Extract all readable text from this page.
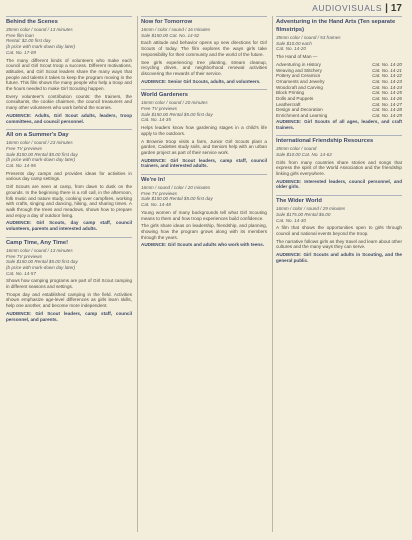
AUDIOVISUALS | 17
Behind the Scenes
35mm color / sound / 13 minutes
Free film loan
Rental: $2.00 first day
(b price with mark-down day later)
Cat. No. 17-09
The many different kinds of volunteers who make each council and Girl Scout troop a success. Different motivations, attitudes, and Girl Scout leaders share the many ways that people and talents it takes to keep the program moving in the future. This film shows the many people who help a troop and the hours needed to make Girl Scouting happen.
Every volunteer's contribution counts: the trainers, the consultants, the cookie chairmen, the council treasurers and many other volunteers who work behind the scenes.
AUDIENCE: Adults, Girl Scout adults, leaders, troop committees, and council personnel.
All on a Summer's Day
16mm color / sound / 23 minutes
Free TV previews
Sale $150.00 Rental $5.00 first day
(b price with mark-down day later)
Cat. No. 14-96
Presents day camps and provides ideas for activities in various day camp settings.
Girl Scouts are seen at camp, from dawn to dusk on the grounds. In the beginning there is a roll call, in the afternoon, folk music and nature study, cooking over campfires, working with crafts, singing and dancing, hiking, and sharing times. A walk through the trees and meadows, shows how to prepare and enjoy a day of outdoor living.
AUDIENCE: Girl Scouts, day camp staff, council volunteers, parents and interested adults.
Camp Time, Any Time!
16mm color / sound / 13 minutes
Free TV previews
Sale $150.00 Rental $5.00 first day
(b price with mark-down day later)
Cat. No. 14-57
Shows how camping programs are part of Girl Scout camping in different seasons and settings.
Troops day and established camping in the field. Activities shown emphasize age-level differences as girls learn skills, help one another, and become more independent.
AUDIENCE: Girl Scout leaders, camp staff, council personnel, and parents.
Now for Tomorrow
16mm / color / sound / 16 minutes
Sale $150.00 Cat. No. 14-52
Each attitude and behavior opens up new directions for Girl Scouts of today. The film explores the ways girls take responsibility for their community and the world of the future.
See girls experiencing tree planting, stream cleanup, recycling drives, and neighborhood renewal activities discovering the rewards of their service.
AUDIENCE: Senior Girl Scouts, adults, and volunteers.
World Gardeners
16mm color / sound / 20 minutes
Free TV previews
Sale $150.00 Rental $5.00 first day
Cat. No. 14-35
Helps leaders know how gardening stages in a child's life apply to the outdoors.
A Brownie troop visits a farm, Junior Girl Scouts plant a garden, Cadettes study soils, and Seniors help with an urban garden project as part of their service work.
AUDIENCE: Girl Scout leaders, camp staff, council trainers, and interested adults.
We're In!
16mm / sound / color / 20 minutes
Free TV previews
Sale $150.00 Rental $5.00 first day
Cat. No. 14-48
Young women of many backgrounds tell what Girl Scouting means to them and how troop experiences build confidence.
The girls share ideas on leadership, friendship, and planning, showing how the program grows along with its members through the years.
AUDIENCE: Girl Scouts and adults who work with teens.
Adventuring in the Hand Arts (Ten separate filmstrips)
35mm color / sound / 53 frames
Sale $10.00 each
Cat. No. 14-20
The Hand of Man —
Adventuring in History	Cat. No. 14-20
Weaving and Stitchery	Cat. No. 14-21
Pottery and Ceramics	Cat. No. 14-22
Ornaments and Jewelry	Cat. No. 14-23
Woodcraft and Carving	Cat. No. 14-24
Block Printing	Cat. No. 14-25
Dolls and Puppets	Cat. No. 14-26
Leathercraft	Cat. No. 14-27
Design and Decoration	Cat. No. 14-28
Enrichment and Learning	Cat. No. 14-29
AUDIENCE: Girl Scouts of all ages, leaders, and craft trainers.
International Friendship Resources
35mm color / sound
Sale $10.00 Cat. No. 14-63
Girls from many countries share stories and songs that express the spirit of the World Association and the friendship linking girls everywhere.
AUDIENCE: Interested leaders, council personnel, and older girls.
The Wider World
16mm / color / sound / 29 minutes
Sale $175.00 Rental $6.00
Cat. No. 14-30
A film that shows the opportunities open to girls through council and national events beyond the troop.
The narrative follows girls as they travel and learn about other cultures and the many ways they can serve.
AUDIENCE: Girl Scouts and adults in Scouting, and the general public.
